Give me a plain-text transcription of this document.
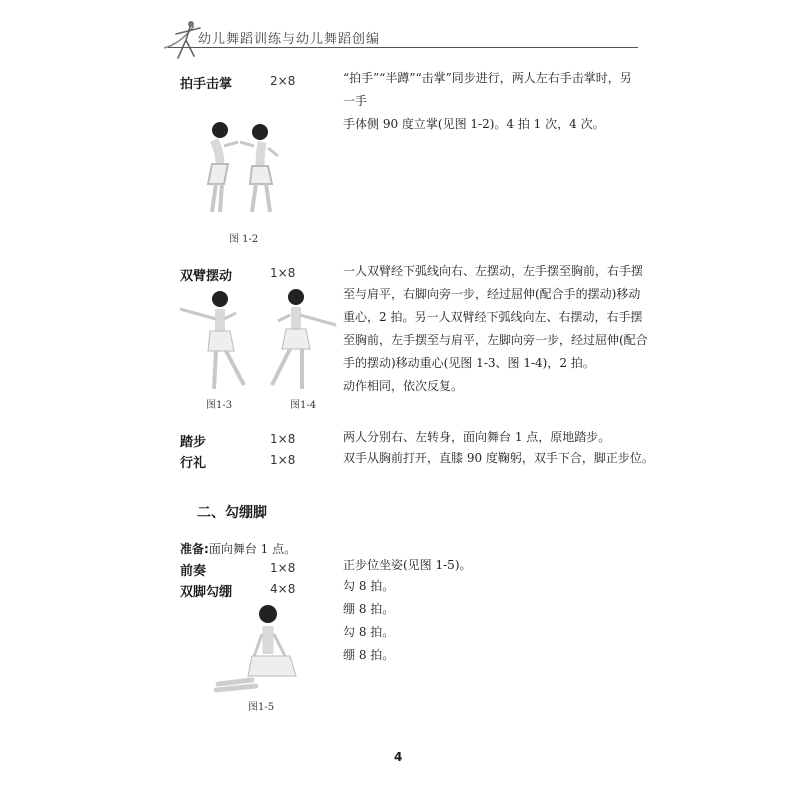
幼儿舞蹈训练与幼儿舞蹈创编
拍手击掌	2×8	“拍手”“半蹲”“击掌”同步进行，两人左右手击掌时，另一手

手体侧 90 度立掌(见图 1-2)。4 拍 1 次，4 次。

图 1-2
双臂摆动	1×8	一人双臂经下弧线向右、左摆动，左手摆至胸前，右手摆

至与肩平，右脚向旁一步，经过屈伸(配合手的摆动)移动

重心，2 拍。另一人双臂经下弧线向左、右摆动，右手摆

至胸前，左手摆至与肩平，左脚向旁一步，经过屈伸(配合

手的摆动)移动重心(见图 1-3、图 1-4)，2 拍。

动作相同，依次反复。

图1-3	图1-4
踏步	1×8	两人分别右、左转身，面向舞台 1 点，原地踏步。
行礼	1×8	双手从胸前打开，直膝 90 度鞠躬，双手下合，脚正步位。
二、勾绷脚
准备:面向舞台 1 点。
前奏	1×8	正步位坐姿(见图 1-5)。
双脚勾绷	4×8	勾 8 拍。

绷 8 拍。

勾 8 拍。

绷 8 拍。

图1-5
4
